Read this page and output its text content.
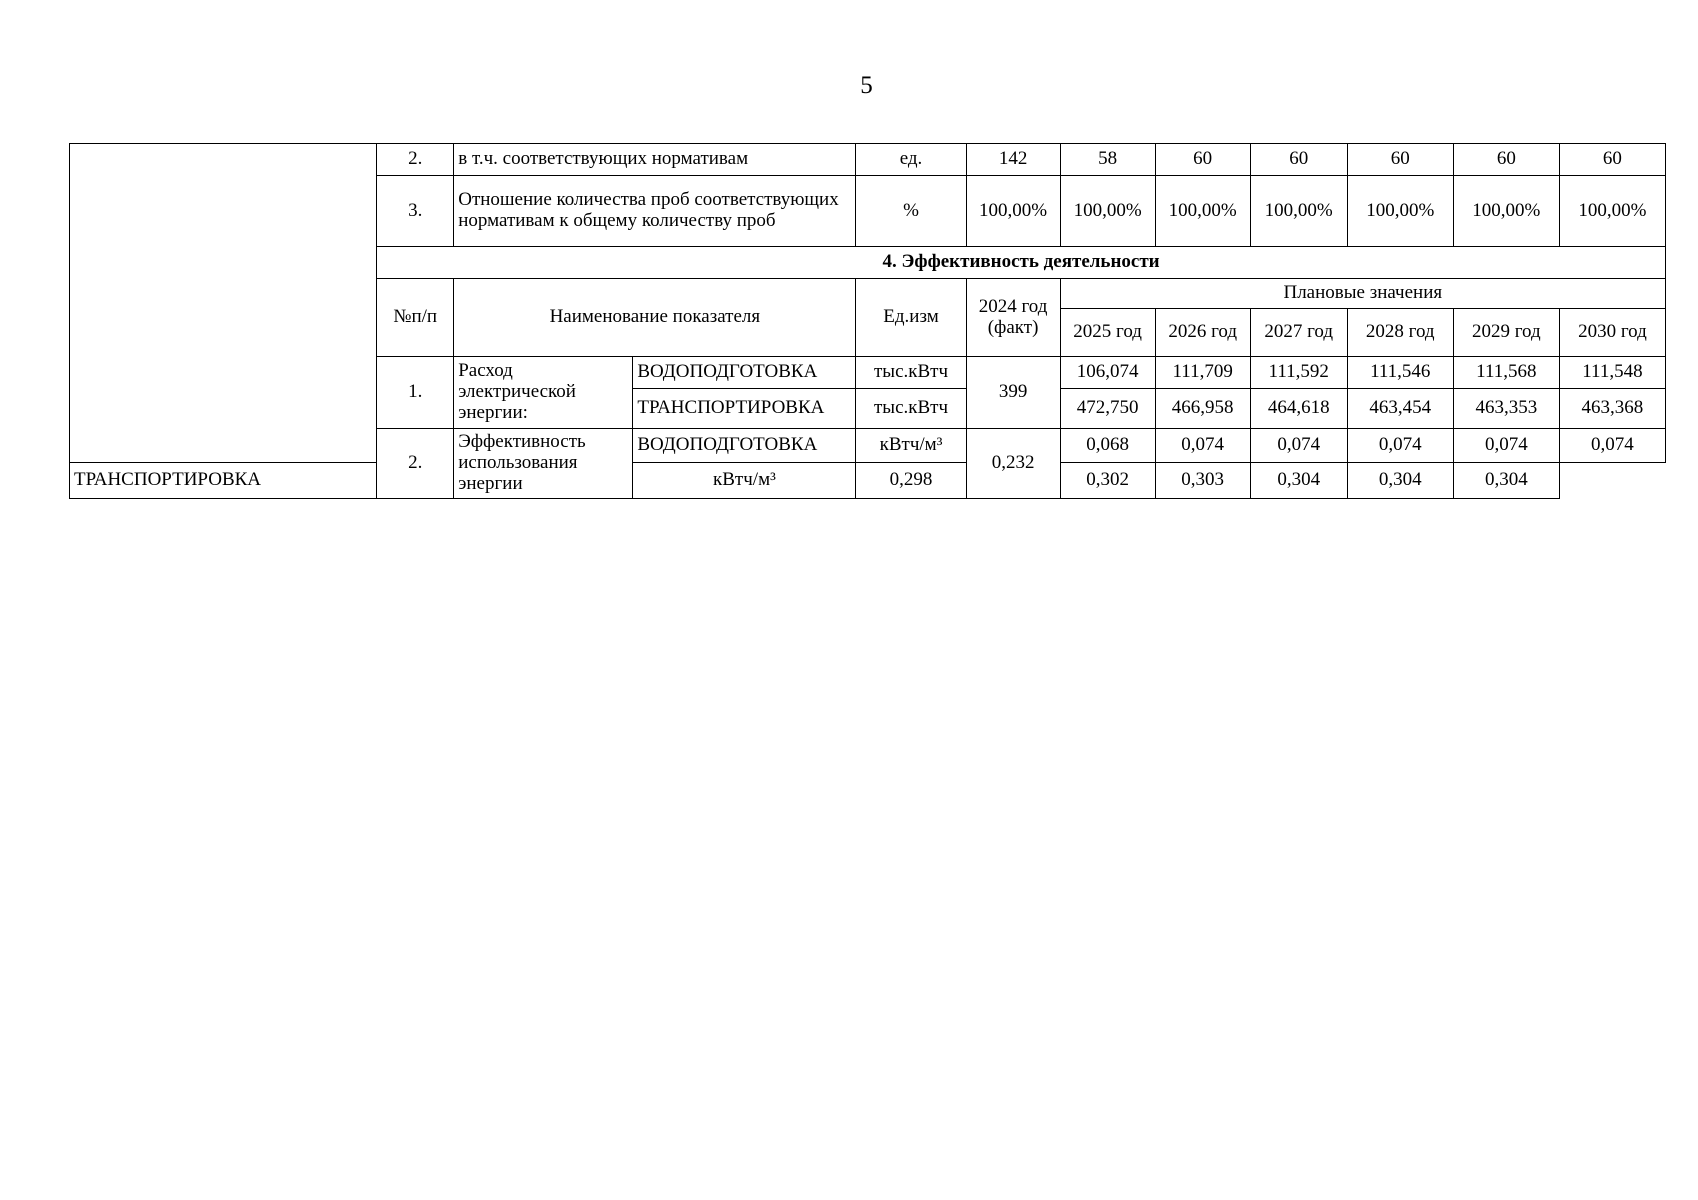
5
	2.	в т.ч. соответствующих нормативам		ед.	142	58	60	60	60	60	60
	3.	Отношение количества проб соответствующих нормативам к общему количеству проб		%	100,00%	100,00%	100,00%	100,00%	100,00%	100,00%	100,00%
	4. Эффективность деятельности										
	№п/п	Наименование показателя		Ед.изм	2024 год (факт)	Плановые значения					
						2025 год	2026 год	2027 год	2028 год	2029 год	2030 год
	1.	Расход электрической энергии:	ВОДОПОДГОТОВКА	тыс.кВтч	399	106,074	111,709	111,592	111,546	111,568	111,548
			ТРАНСПОРТИРОВКА	тыс.кВтч		472,750	466,958	464,618	463,454	463,353	463,368
	2.	Эффективность использования энергии	ВОДОПОДГОТОВКА	кВтч/м³	0,232	0,068	0,074	0,074	0,074	0,074	0,074
ТРАНСПОРТИРОВКА			кВтч/м³	0,298		0,302	0,303	0,304	0,304	0,304	
